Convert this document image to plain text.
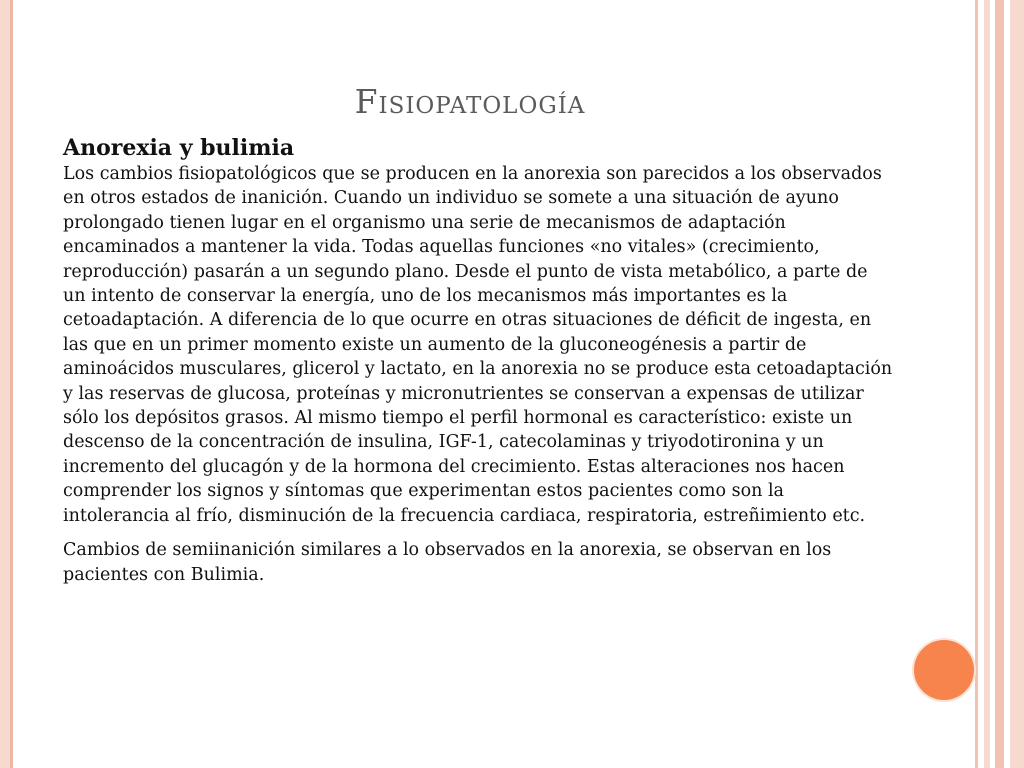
Fisiopatología

Anorexia y bulimia

Los cambios fisiopatológicos que se producen en la anorexia son parecidos a los observados en otros estados de inanición. Cuando un individuo se somete a una situación de ayuno prolongado tienen lugar en el organismo una serie de mecanismos de adaptación encaminados a mantener la vida. Todas aquellas funciones «no vitales» (crecimiento, reproducción) pasarán a un segundo plano. Desde el punto de vista metabólico, a parte de un intento de conservar la energía, uno de los mecanismos más importantes es la cetoadaptación. A diferencia de lo que ocurre en otras situaciones de déficit de ingesta, en las que en un primer momento existe un aumento de la gluconeogénesis a partir de aminoácidos musculares, glicerol y lactato, en la anorexia no se produce esta cetoadaptación y las reservas de glucosa, proteínas y micronutrientes se conservan a expensas de utilizar sólo los depósitos grasos. Al mismo tiempo el perfil hormonal es característico: existe un descenso de la concentración de insulina, IGF-1, catecolaminas y triyodotironina y un incremento del glucagón y de la hormona del crecimiento. Estas alteraciones nos hacen comprender los signos y síntomas que experimentan estos pacientes como son la intolerancia al frío, disminución de la frecuencia cardiaca, respiratoria, estreñimiento etc.

Cambios de semiinanición similares a lo observados en la anorexia, se observan en los pacientes con Bulimia.
